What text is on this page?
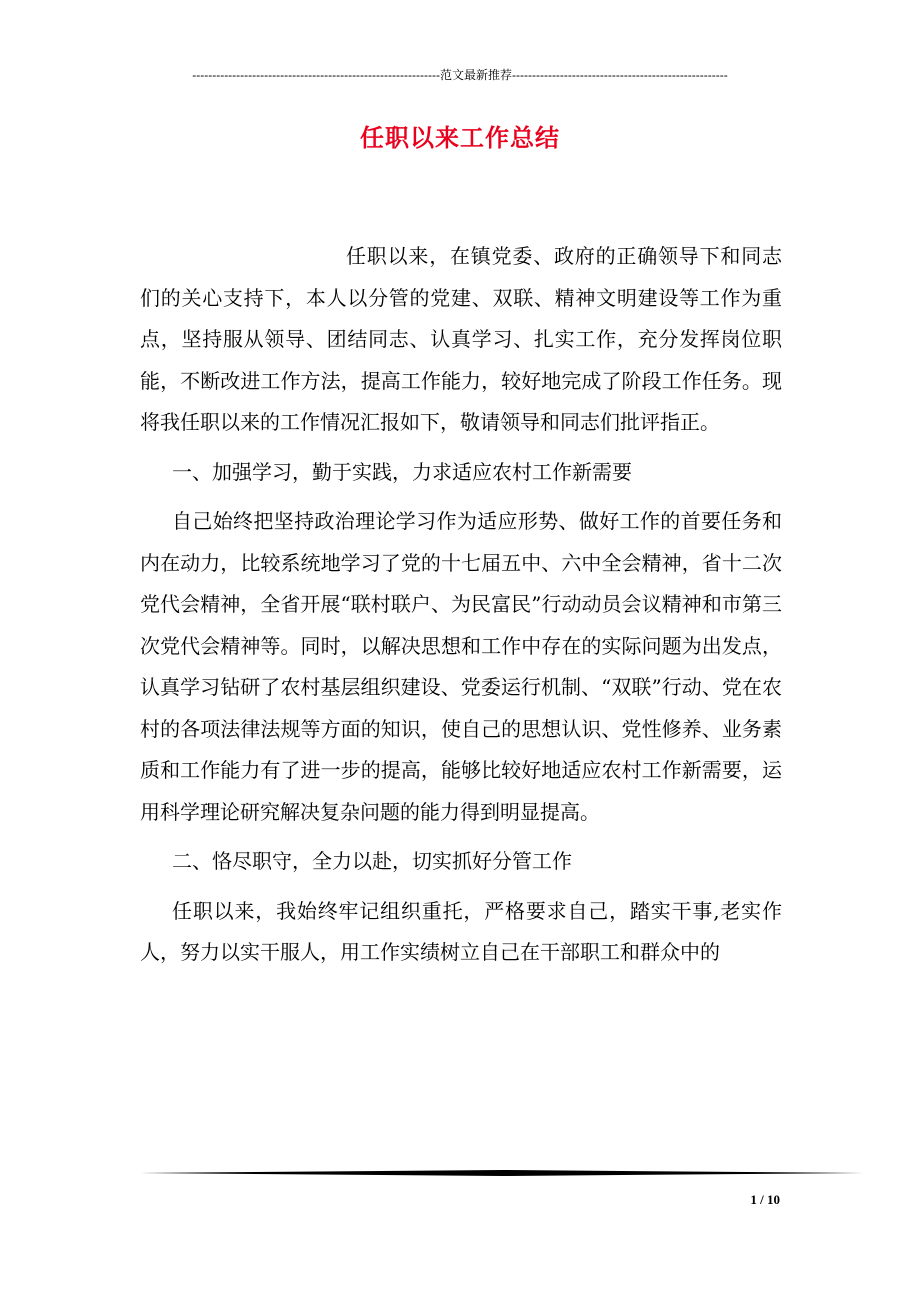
--------------------------------------------------------------范文最新推荐------------------------------------------------------
任职以来工作总结

任职以来，在镇党委、政府的正确领导下和同志们的关心支持下，本人以分管的党建、双联、精神文明建设等工作为重点，坚持服从领导、团结同志、认真学习、扎实工作，充分发挥岗位职能，不断改进工作方法，提高工作能力，较好地完成了阶段工作任务。现将我任职以来的工作情况汇报如下，敬请领导和同志们批评指正。

一、加强学习，勤于实践，力求适应农村工作新需要

自己始终把坚持政治理论学习作为适应形势、做好工作的首要任务和内在动力，比较系统地学习了党的十七届五中、六中全会精神，省十二次党代会精神，全省开展“联村联户、为民富民”行动动员会议精神和市第三次党代会精神等。同时，以解决思想和工作中存在的实际问题为出发点，认真学习钻研了农村基层组织建设、党委运行机制、“双联”行动、党在农村的各项法律法规等方面的知识，使自己的思想认识、党性修养、业务素质和工作能力有了进一步的提高，能够比较好地适应农村工作新需要，运用科学理论研究解决复杂问题的能力得到明显提高。

二、恪尽职守，全力以赴，切实抓好分管工作

任职以来，我始终牢记组织重托，严格要求自己，踏实干事,老实作人，努力以实干服人，用工作实绩树立自己在干部职工和群众中的

1 / 10
